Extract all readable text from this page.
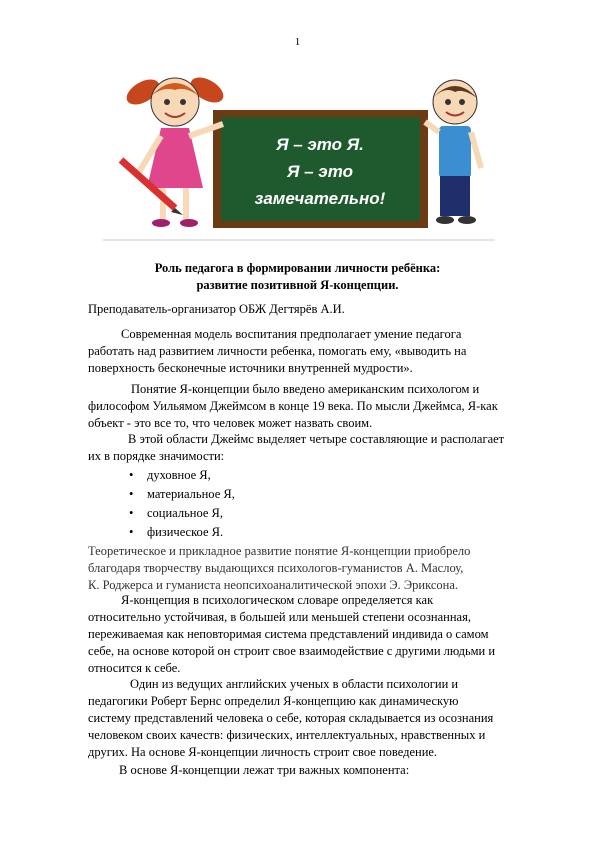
1
Я – это Я.
Я – это
замечательно!
Роль педагога в формировании личности ребёнка:
развитие позитивной Я-концепции.

Преподаватель-организатор ОБЖ Дегтярёв А.И.

Современная модель воспитания предполагает умение педагога
работать над развитием личности ребенка, помогать ему, «выводить на
поверхность бесконечные источники внутренней мудрости».
Понятие Я-концепции было введено американским психологом и
философом Уильямом Джеймсом в конце 19 века. По мысли Джеймса, Я-как
объект - это все то, что человек может назвать своим.
В этой области Джеймс выделяет четыре составляющие и располагает
их в порядке значимости:
• духовное Я,
• материальное Я,
• социальное Я,
• физическое Я.
Теоретическое и прикладное развитие понятие Я-концепции приобрело
благодаря творчеству выдающихся психологов-гуманистов А. Маслоу,
К. Роджерса и гуманиста неопсихоаналитической эпохи Э. Эриксона.
Я-концепция в психологическом словаре определяется как
относительно устойчивая, в большей или меньшей степени осознанная,
переживаемая как неповторимая система представлений индивида о самом
себе, на основе которой он строит свое взаимодействие с другими людьми и
относится к себе.
Один из ведущих английских ученых в области психологии и
педагогики Роберт Бернс определил Я-концепцию как динамическую
систему представлений человека о себе, которая складывается из осознания
человеком своих качеств: физических, интеллектуальных, нравственных и
других. На основе Я-концепции личность строит свое поведение.
В основе Я-концепции лежат три важных компонента:
